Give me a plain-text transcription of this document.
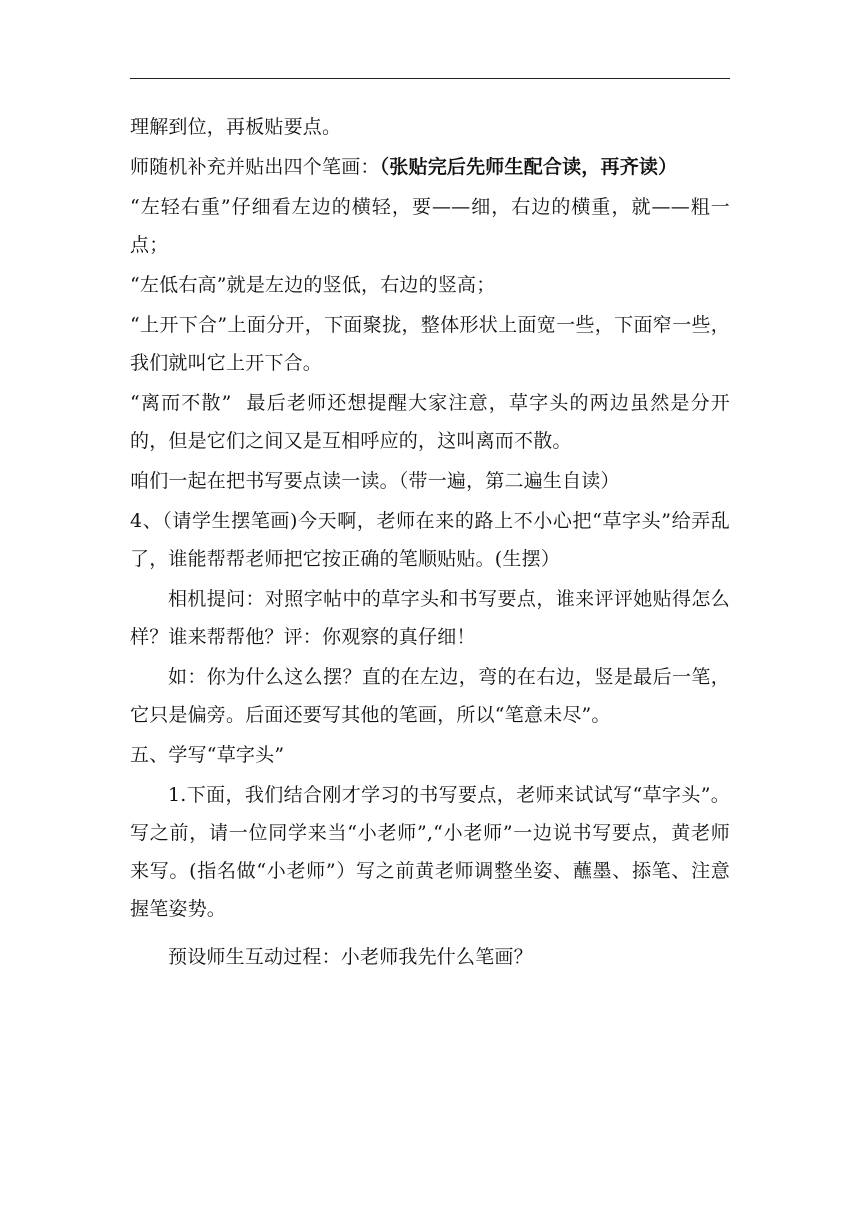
理解到位，再板贴要点。

师随机补充并贴出四个笔画：（张贴完后先师生配合读，再齐读）

“左轻右重”仔细看左边的横轻，要——细，右边的横重，就——粗一点；

“左低右高”就是左边的竖低，右边的竖高；

“上开下合”上面分开，下面聚拢，整体形状上面宽一些，下面窄一些，我们就叫它上开下合。

“离而不散” 最后老师还想提醒大家注意，草字头的两边虽然是分开的，但是它们之间又是互相呼应的，这叫离而不散。

咱们一起在把书写要点读一读。（带一遍，第二遍生自读）

4、（请学生摆笔画)今天啊，老师在来的路上不小心把“草字头”给弄乱了，谁能帮帮老师把它按正确的笔顺贴贴。(生摆）

相机提问：对照字帖中的草字头和书写要点，谁来评评她贴得怎么样？谁来帮帮他？评：你观察的真仔细！

如：你为什么这么摆？直的在左边，弯的在右边，竖是最后一笔，它只是偏旁。后面还要写其他的笔画，所以“笔意未尽”。

五、学写“草字头”

1.下面，我们结合刚才学习的书写要点，老师来试试写“草字头”。写之前，请一位同学来当“小老师”,“小老师”一边说书写要点，黄老师来写。(指名做“小老师”）写之前黄老师调整坐姿、蘸墨、掭笔、注意握笔姿势。

预设师生互动过程：小老师我先什么笔画？
